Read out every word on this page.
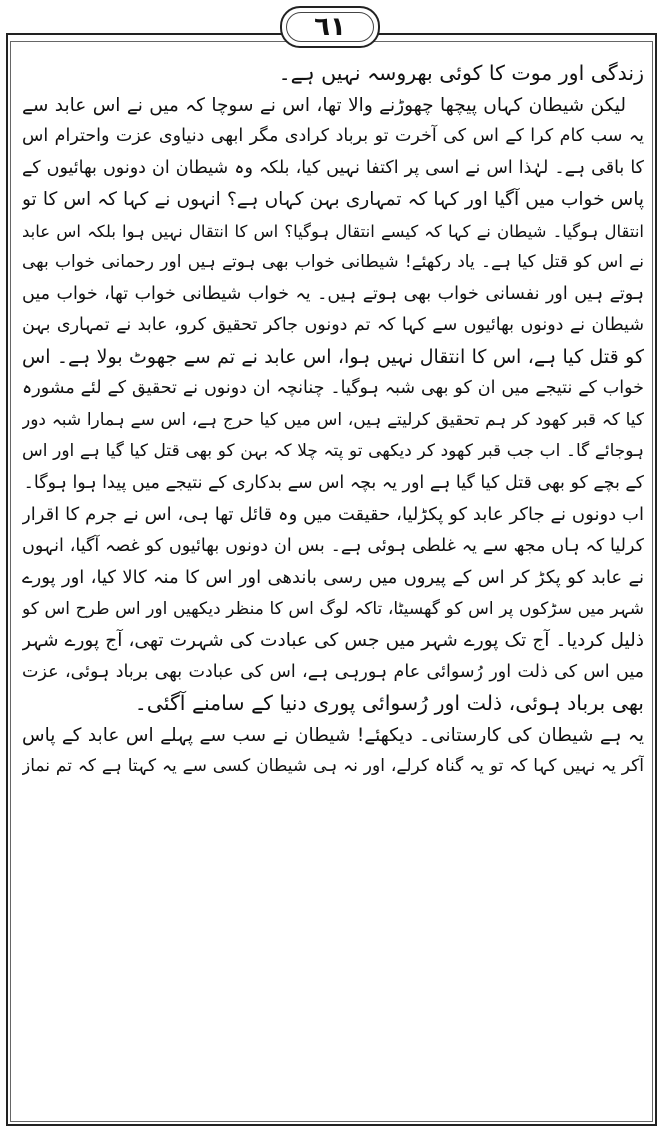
٦١
زندگی اور موت کا کوئی بھروسہ نہیں ہے۔
لیکن شیطان کہاں پیچھا چھوڑنے والا تھا، اس نے سوچا کہ میں نے اس عابد سے
یہ سب کام کرا کے اس کی آخرت تو برباد کرادی مگر ابھی دنیاوی عزت واحترام اس
کا باقی ہے۔ لہٰذا اس نے اسی پر اکتفا نہیں کیا، بلکہ وہ شیطان ان دونوں بھائیوں کے
پاس خواب میں آگیا اور کہا کہ تمہاری بہن کہاں ہے؟ انہوں نے کہا کہ اس کا تو
انتقال ہوگیا۔ شیطان نے کہا کہ کیسے انتقال ہوگیا؟ اس کا انتقال نہیں ہوا بلکہ اس عابد
نے اس کو قتل کیا ہے۔ یاد رکھئے! شیطانی خواب بھی ہوتے ہیں اور رحمانی خواب بھی
ہوتے ہیں اور نفسانی خواب بھی ہوتے ہیں۔ یہ خواب شیطانی خواب تھا، خواب میں
شیطان نے دونوں بھائیوں سے کہا کہ تم دونوں جاکر تحقیق کرو، عابد نے تمہاری بہن
کو قتل کیا ہے، اس کا انتقال نہیں ہوا، اس عابد نے تم سے جھوٹ بولا ہے۔ اس
خواب کے نتیجے میں ان کو بھی شبہ ہوگیا۔ چنانچہ ان دونوں نے تحقیق کے لئے مشورہ
کیا کہ قبر کھود کر ہم تحقیق کرلیتے ہیں، اس میں کیا حرج ہے، اس سے ہمارا شبہ دور
ہوجائے گا۔ اب جب قبر کھود کر دیکھی تو پتہ چلا کہ بہن کو بھی قتل کیا گیا ہے اور اس
کے بچے کو بھی قتل کیا گیا ہے اور یہ بچہ اس سے بدکاری کے نتیجے میں پیدا ہوا ہوگا۔
اب دونوں نے جاکر عابد کو پکڑلیا، حقیقت میں وہ قائل تھا ہی، اس نے جرم کا اقرار
کرلیا کہ ہاں مجھ سے یہ غلطی ہوئی ہے۔ بس ان دونوں بھائیوں کو غصہ آگیا، انہوں
نے عابد کو پکڑ کر اس کے پیروں میں رسی باندھی اور اس کا منہ کالا کیا، اور پورے
شہر میں سڑکوں پر اس کو گھسیٹا، تاکہ لوگ اس کا منظر دیکھیں اور اس طرح اس کو
ذلیل کردیا۔ آج تک پورے شہر میں جس کی عبادت کی شہرت تھی، آج پورے شہر
میں اس کی ذلت اور رُسوائی عام ہورہی ہے، اس کی عبادت بھی برباد ہوئی، عزت
بھی برباد ہوئی، ذلت اور رُسوائی پوری دنیا کے سامنے آگئی۔
یہ ہے شیطان کی کارستانی۔ دیکھئے! شیطان نے سب سے پہلے اس عابد کے پاس
آکر یہ نہیں کہا کہ تو یہ گناہ کرلے، اور نہ ہی شیطان کسی سے یہ کہتا ہے کہ تم نماز
